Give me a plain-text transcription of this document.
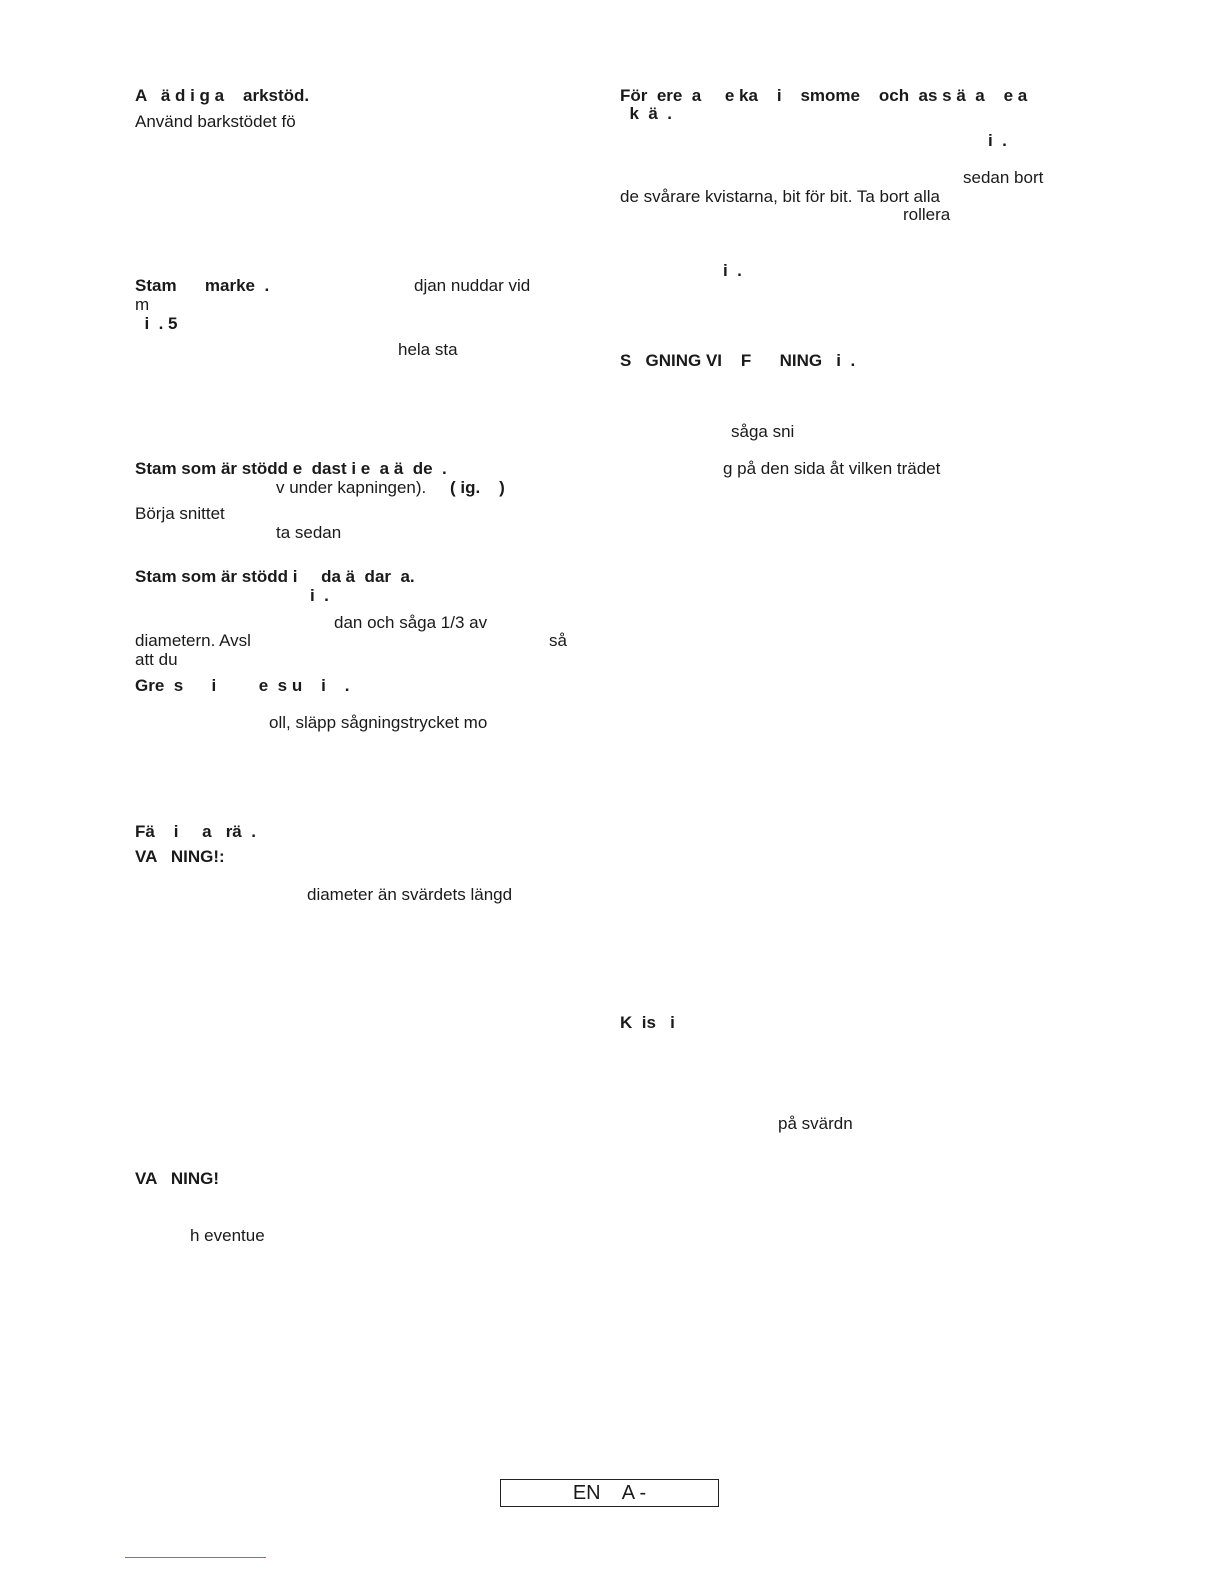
A   ä d i g a    arkstöd.
Använd barkstödet fö
Stam      marke  .	djan nuddar vid
m
i  . 5
hela sta
Stam som är stödd e  dast i e  a ä  de  .
v under kapningen). ( ig.    )
Börja snittet
ta sedan
Stam som är stödd i     da ä  dar  a.
i  .
dan och såga 1/3 av
diametern. Avsl	så
att du
Gre  s      i         e  s u    i    .
oll, släpp sågningstrycket mo
Fä    i     a   rä  .
VA   NING!:
diameter än svärdets längd
VA   NING!
h eventue
För  ere  a     e ka    i    smome    och  as s ä  a    e a
k  ä  .
i  .
sedan bort
de svårare kvistarna, bit för bit. Ta bort alla
rollera
i  .
S   GNING VI    F      NING   i  .
såga sni
g på den sida åt vilken trädet
K  is   i
på svärdn
EN    A -
